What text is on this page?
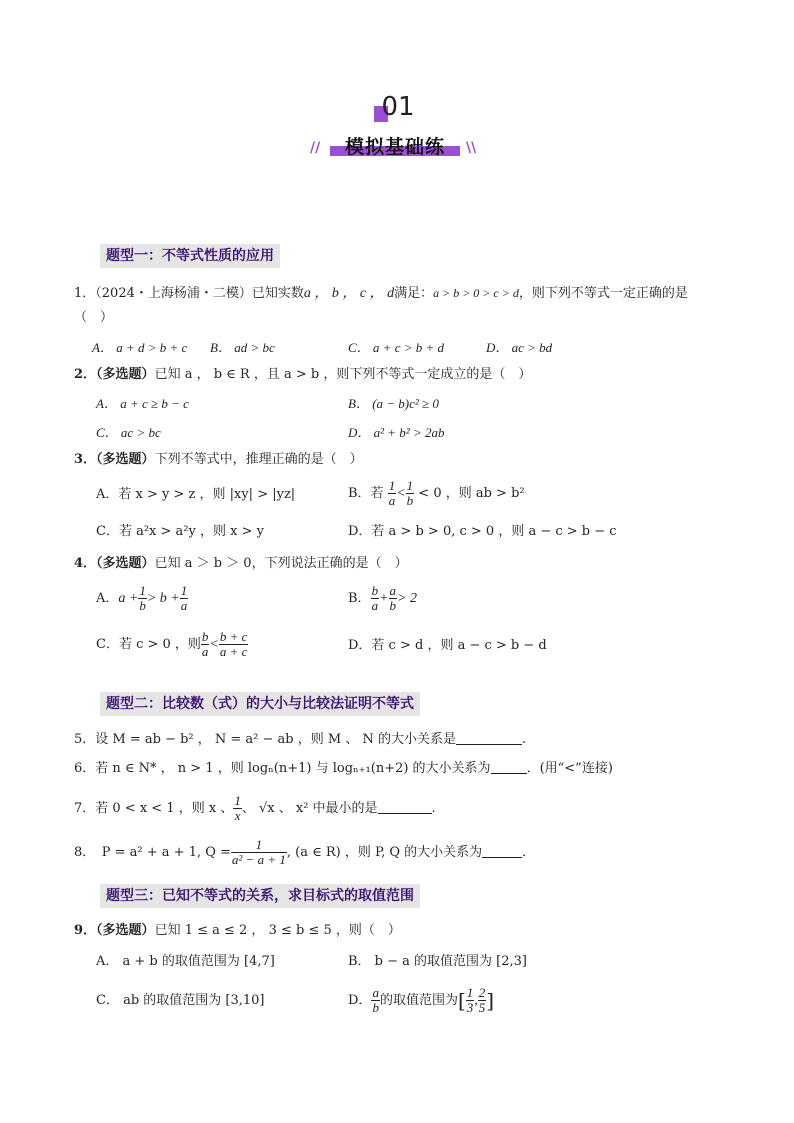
01
//	模拟基础练	\\
题型一：不等式性质的应用
1．（2024・上海杨浦・二模）已知实数a ， b ， c ， d满足：a > b > 0 > c > d，则下列不等式一定正确的是
（　）
A． a + d > b + c B． ad > bc	C． a + c > b + d	D． ac > bd
2．（多选题）已知 a ， b ∈ R ，且 a > b ，则下列不等式一定成立的是（　）
A． a + c ≥ b − c	B． (a − b)c² ≥ 0
C． ac > bc	D． a² + b² > 2ab
3．（多选题）下列不等式中，推理正确的是（　）
A．若 x > y > z ，则 |xy| > |yz|	B．若 $\frac{1}{a} < \frac{1}{b} < 0$ ，则 ab > b²
C．若 a²x > a²y ，则 x > y	D．若 a > b > 0, c > 0 ，则 a − c > b − c
4．（多选题）已知 a ＞ b ＞ 0，下列说法正确的是（　）
A．$a + \frac{1}{b} > b + \frac{1}{a}$	B． $\frac{b}{a} + \frac{a}{b} > 2$
C．若 c > 0 ，则 $\frac{b}{a} < \frac{b + c}{a + c}$	D．若 c > d ，则 a − c > b − d
题型二：比较数（式）的大小与比较法证明不等式
5．设 M = ab − b² ， N = a² − ab ，则 M 、 N 的大小关系是	.
6．若 n ∈ N* ， n > 1 ，则 logₙ(n+1) 与 logₙ₊₁(n+2) 的大小关系为	．(用“<”连接)
7．若 0 < x < 1 ，则 x 、 $\frac{1}{x}$ 、 √x 、 x² 中最小的是	.
8．　P = a² + a + 1, $Q = \frac{1}{\text{a² − a + 1}}$ , (a ∈ R) ，则 P, Q 的大小关系为	．
题型三：已知不等式的关系，求目标式的取值范围
9．（多选题）已知 1 ≤ a ≤ 2 ， 3 ≤ b ≤ 5 ，则（　）
A． a + b 的取值范围为 [4,7]	B． b − a 的取值范围为 [2,3]
C． ab 的取值范围为 [3,10]	D． $\frac{a}{b}$ 的取值范围为[ $\frac{1}{3}$ , $\frac{2}{5}$ ]
